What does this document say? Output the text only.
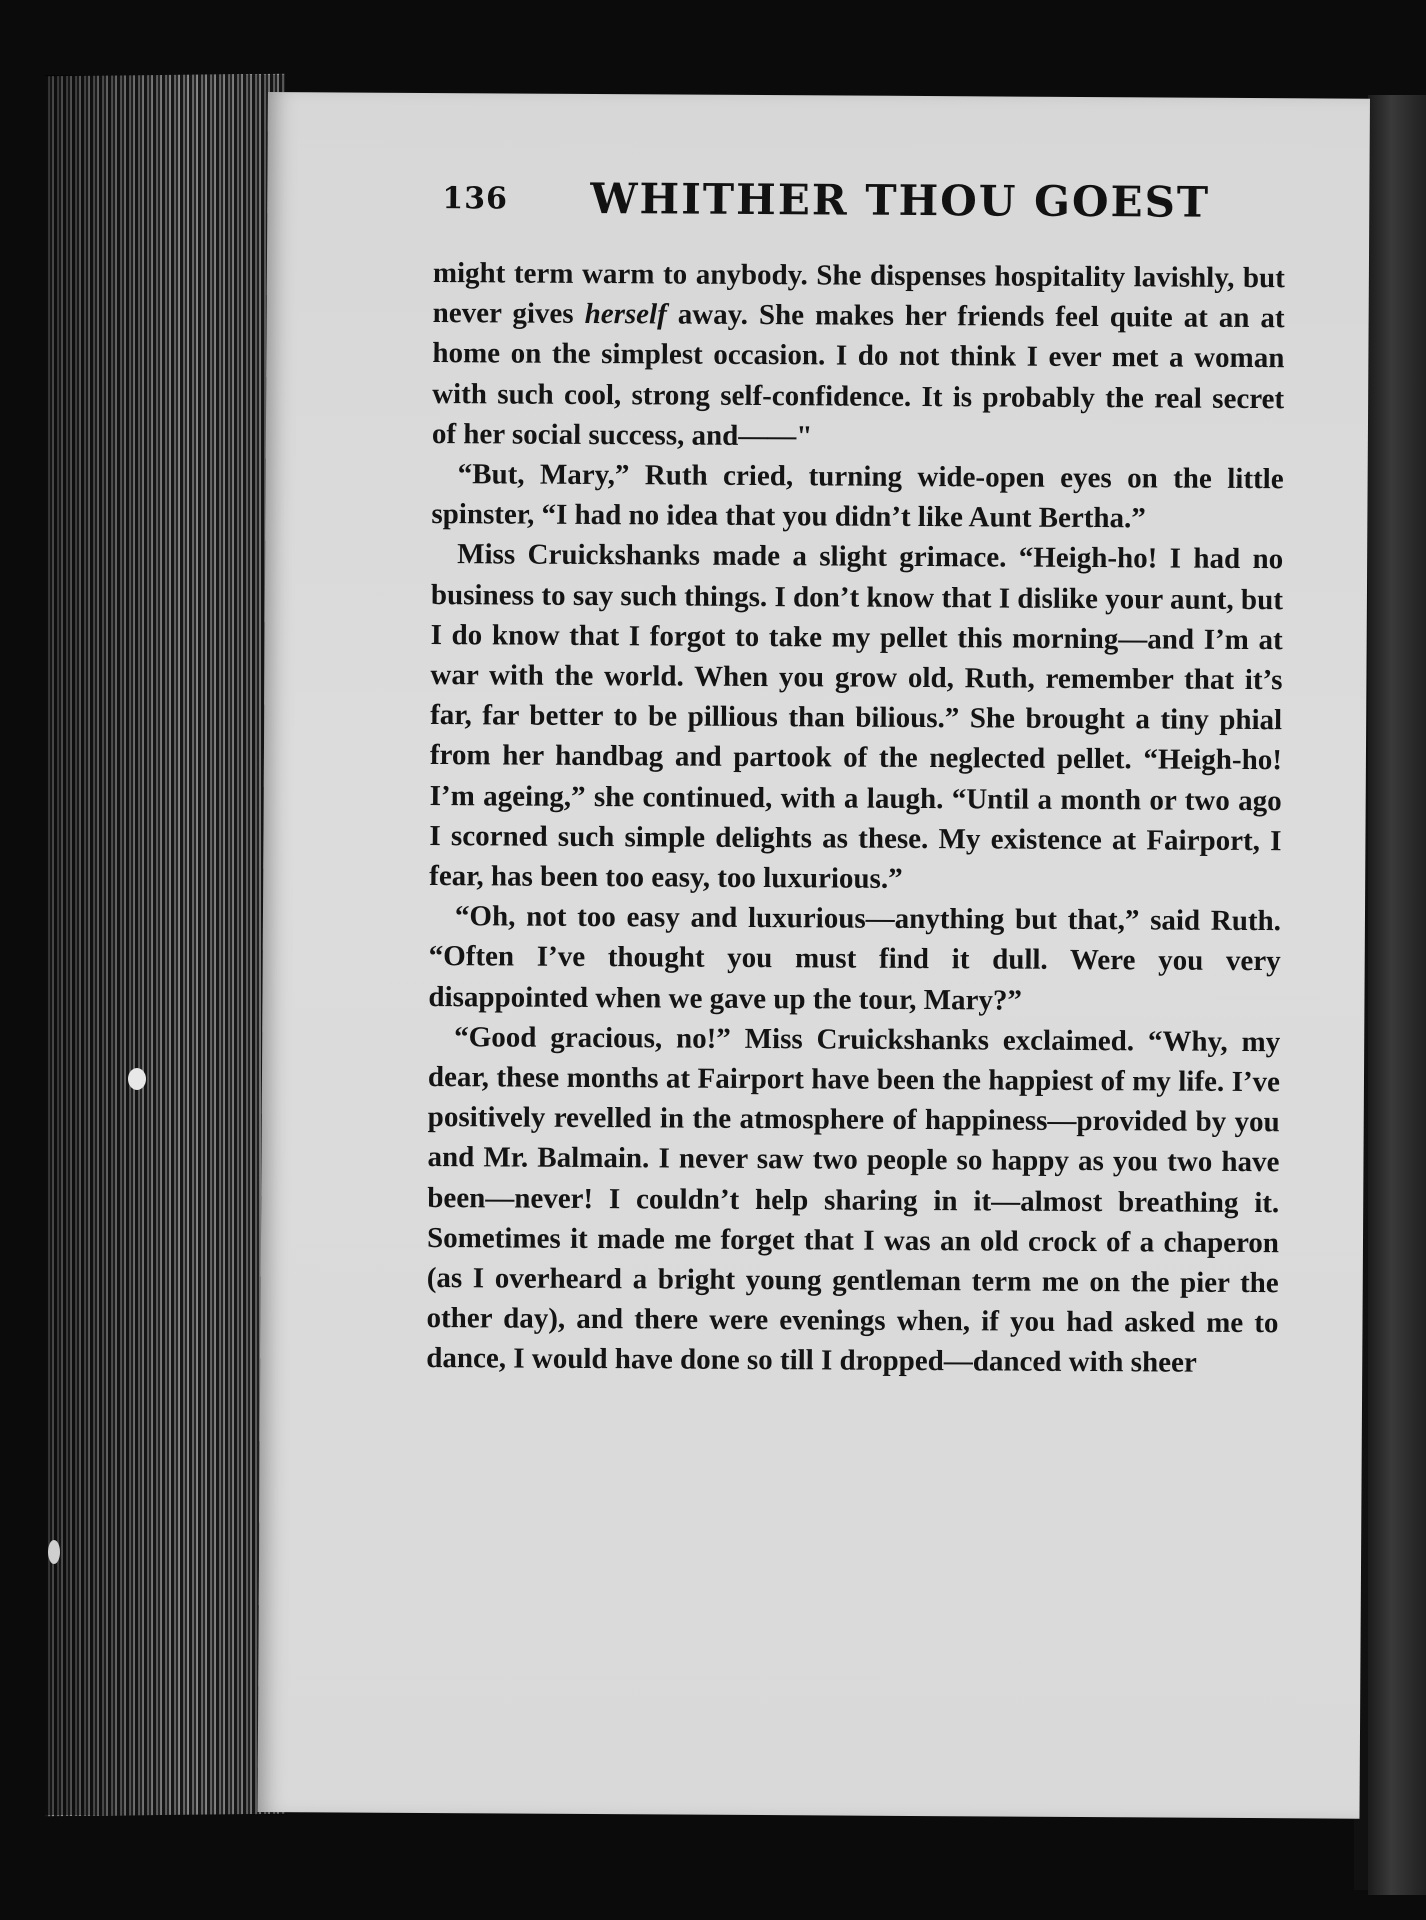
136 WHITHER THOU GOEST

might term warm to anybody. She dispenses hospitality lavishly, but never gives herself away. She makes her friends feel quite at an at home on the simplest occasion. I do not think I ever met a woman with such cool, strong self-confidence. It is probably the real secret of her social success, and——"

“But, Mary,” Ruth cried, turning wide-open eyes on the little spinster, “I had no idea that you didn’t like Aunt Bertha.”

Miss Cruickshanks made a slight grimace. “Heigh-ho! I had no business to say such things. I don’t know that I dislike your aunt, but I do know that I forgot to take my pellet this morning—and I’m at war with the world. When you grow old, Ruth, remember that it’s far, far better to be pillious than bilious.” She brought a tiny phial from her handbag and partook of the neglected pellet. “Heigh-ho! I’m ageing,” she continued, with a laugh. “Until a month or two ago I scorned such simple delights as these. My existence at Fairport, I fear, has been too easy, too luxurious.”

“Oh, not too easy and luxurious—anything but that,” said Ruth. “Often I’ve thought you must find it dull. Were you very disappointed when we gave up the tour, Mary?”

“Good gracious, no!” Miss Cruickshanks exclaimed. “Why, my dear, these months at Fairport have been the happiest of my life. I’ve positively revelled in the atmosphere of happiness—provided by you and Mr. Balmain. I never saw two people so happy as you two have been—never! I couldn’t help sharing in it—almost breathing it. Sometimes it made me forget that I was an old crock of a chaperon (as I overheard a bright young gentleman term me on the pier the other day), and there were evenings when, if you had asked me to dance, I would have done so till I dropped—danced with sheer
